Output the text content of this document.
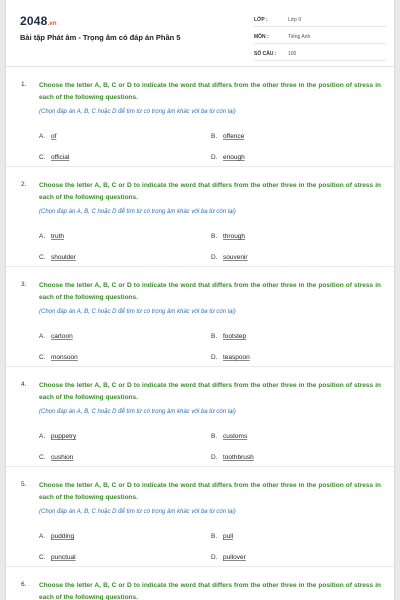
2048.vn
Bài tập Phát âm - Trọng âm có đáp án Phần 5
LỚP :	Lớp 9
MÔN :	Tiếng Anh
SỐ CÂU :	100
1. Choose the letter A, B, C or D to indicate the word that differs from the other three in the position of stress in each of the following questions.
(Chọn đáp án A, B, C hoặc D để tìm từ có trọng âm khác với ba từ còn lại)
A. of	B. offence
C. official	D. enough
2. Choose the letter A, B, C or D to indicate the word that differs from the other three in the position of stress in each of the following questions.
(Chọn đáp án A, B, C hoặc D để tìm từ có trọng âm khác với ba từ còn lại)
A. truth	B. through
C. shoulder	D. souvenir
3. Choose the letter A, B, C or D to indicate the word that differs from the other three in the position of stress in each of the following questions.
(Chọn đáp án A, B, C hoặc D để tìm từ có trọng âm khác với ba từ còn lại)
A. cartoon	B. footstep
C. monsoon	D. teaspoon
4. Choose the letter A, B, C or D to indicate the word that differs from the other three in the position of stress in each of the following questions.
(Chọn đáp án A, B, C hoặc D để tìm từ có trọng âm khác với ba từ còn lại)
A. puppetry	B. customs
C. cushion	D. toothbrush
5. Choose the letter A, B, C or D to indicate the word that differs from the other three in the position of stress in each of the following questions.
(Chọn đáp án A, B, C hoặc D để tìm từ có trọng âm khác với ba từ còn lại)
A. pudding	B. pull
C. punctual	D. pullover
6. Choose the letter A, B, C or D to indicate the word that differs from the other three in the position of stress in each of the following questions.
